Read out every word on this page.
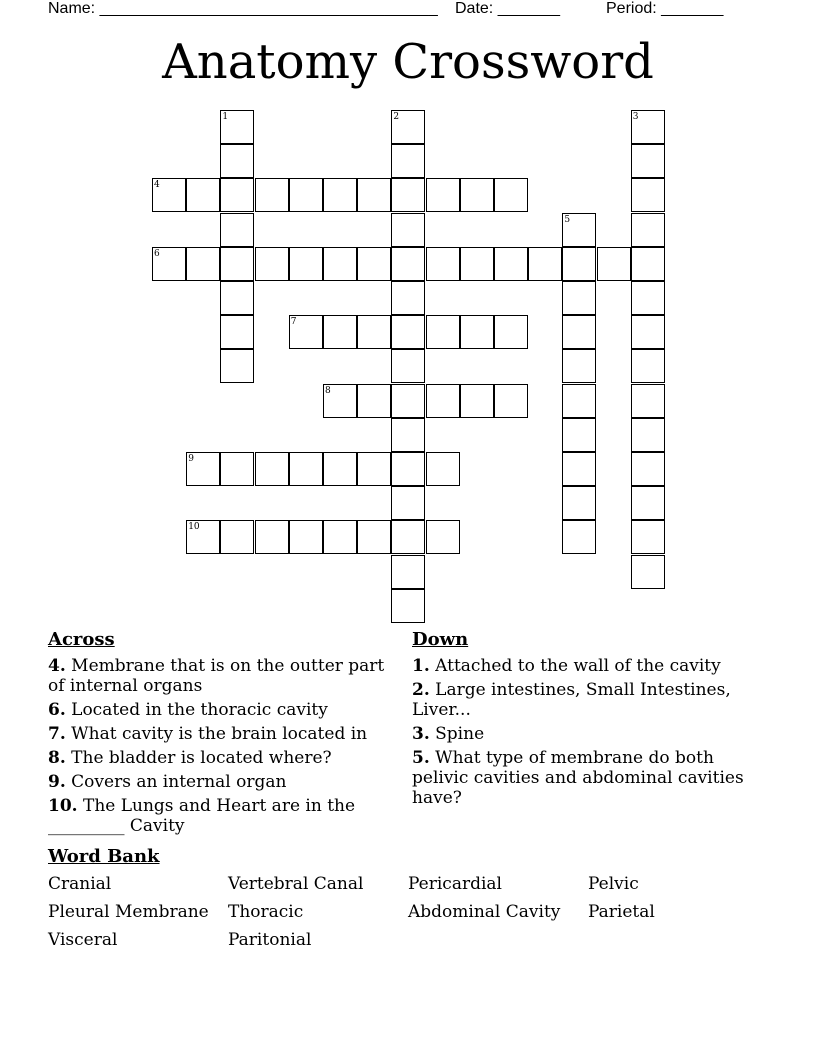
Name: ______________________________________ Date: _______	Period: _______
Anatomy Crossword
1	2	3
4
5
6
7
8
9
10
Across
4. Membrane that is on the outter part of internal organs
6. Located in the thoracic cavity
7. What cavity is the brain located in
8. The bladder is located where?
9. Covers an internal organ
10. The Lungs and Heart are in the _________ Cavity
Down
1. Attached to the wall of the cavity
2. Large intestines, Small Intestines, Liver...
3. Spine
5. What type of membrane do both pelivic cavities and abdominal cavities have?
Word Bank
Cranial	Vertebral Canal	Pericardial	Pelvic
Pleural Membrane	Thoracic	Abdominal Cavity	Parietal
Visceral	Paritonial
